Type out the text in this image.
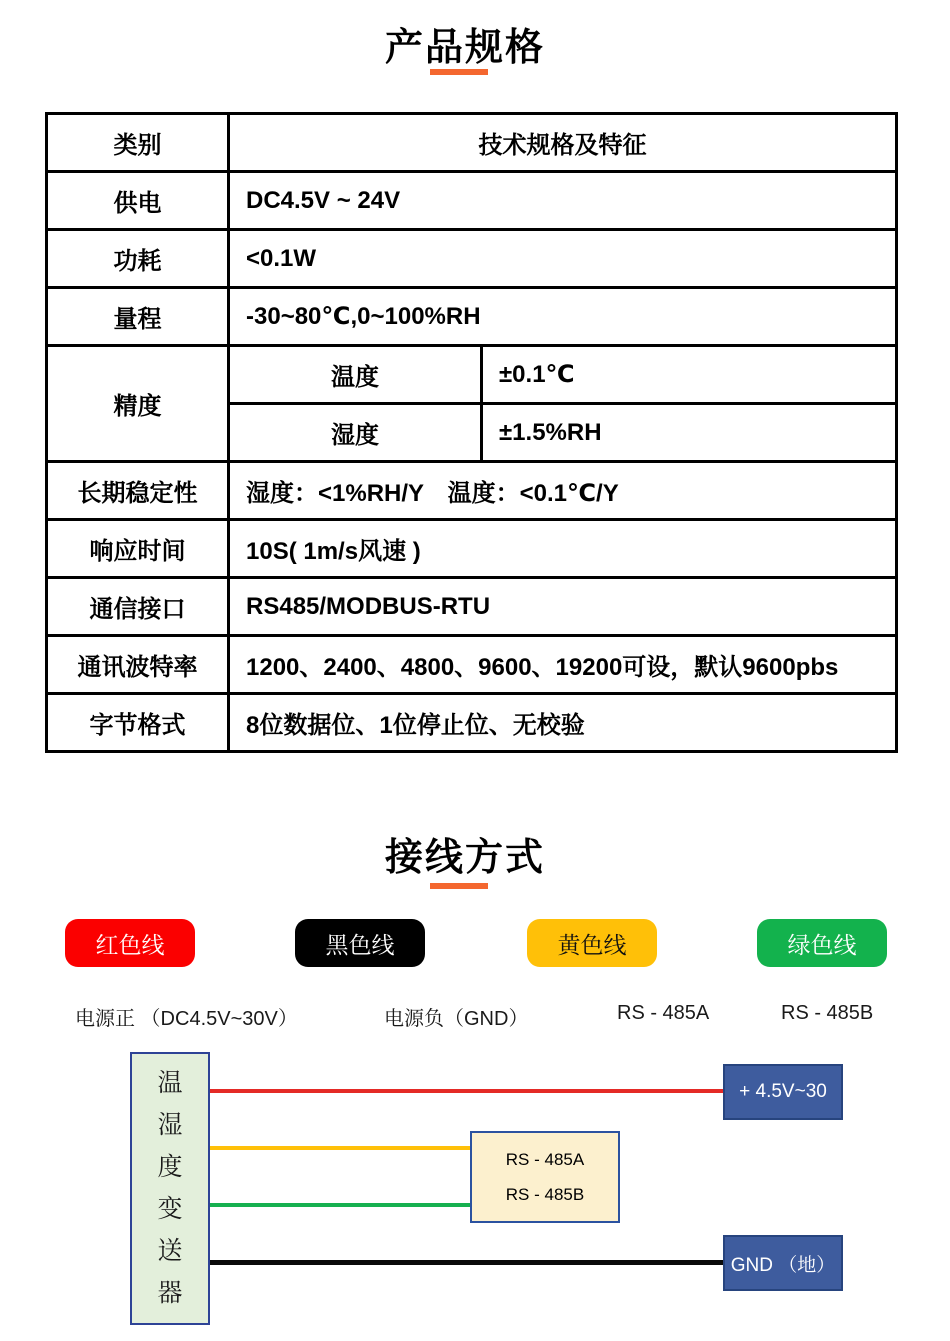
产品规格
类别	技术规格及特征	
供电	DC4.5V ~ 24V	
功耗	<0.1W	
量程	-30~80℃,0~100%RH	
精度	温度	±0.1℃
	湿度	±1.5%RH
长期稳定性	湿度：<1%RH/Y　温度：<0.1℃/Y	
响应时间	10S( 1m/s风速 )	
通信接口	RS485/MODBUS-RTU	
通讯波特率	1200、2400、4800、9600、19200可设，默认9600pbs	
字节格式	8位数据位、1位停止位、无校验	
接线方式
红色线	黑色线	黄色线	绿色线
电源正 （DC4.5V~30V）	电源负（GND）	RS - 485A	RS - 485B
温
湿
度
变
送
器
+ 4.5V~30
RS - 485A
RS - 485B
GND （地）
